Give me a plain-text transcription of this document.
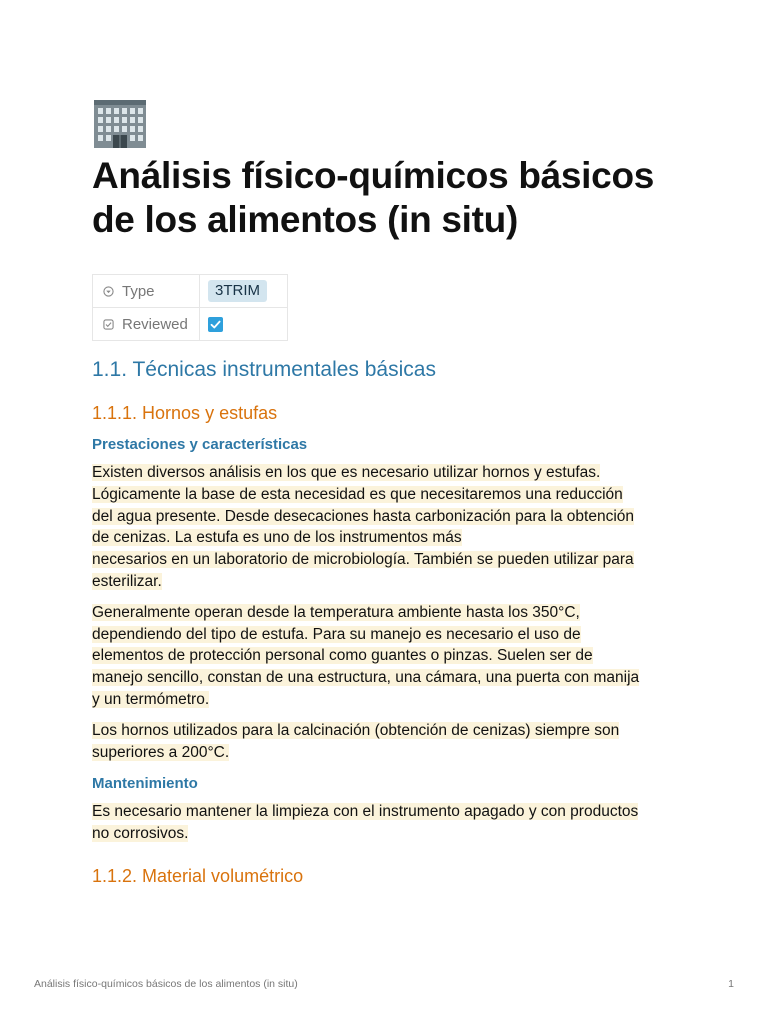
Análisis físico-químicos básicos de los alimentos (in situ)
Type	3TRIM
Reviewed	
1.1. Técnicas instrumentales básicas
1.1.1. Hornos y estufas
Prestaciones y características

Existen diversos análisis en los que es necesario utilizar hornos y estufas.
Lógicamente la base de esta necesidad es que necesitaremos una reducción
del agua presente. Desde desecaciones hasta carbonización para la obtención
de cenizas. La estufa es uno de los instrumentos más
necesarios en un laboratorio de microbiología. También se pueden utilizar para
esterilizar.

Generalmente operan desde la temperatura ambiente hasta los 350°C,
dependiendo del tipo de estufa. Para su manejo es necesario el uso de
elementos de protección personal como guantes o pinzas. Suelen ser de
manejo sencillo, constan de una estructura, una cámara, una puerta con manija
y un termómetro.

Los hornos utilizados para la calcinación (obtención de cenizas) siempre son
superiores a 200°C.

Mantenimiento

Es necesario mantener la limpieza con el instrumento apagado y con productos
no corrosivos.

1.1.2. Material volumétrico
Análisis físico-químicos básicos de los alimentos (in situ)	1
